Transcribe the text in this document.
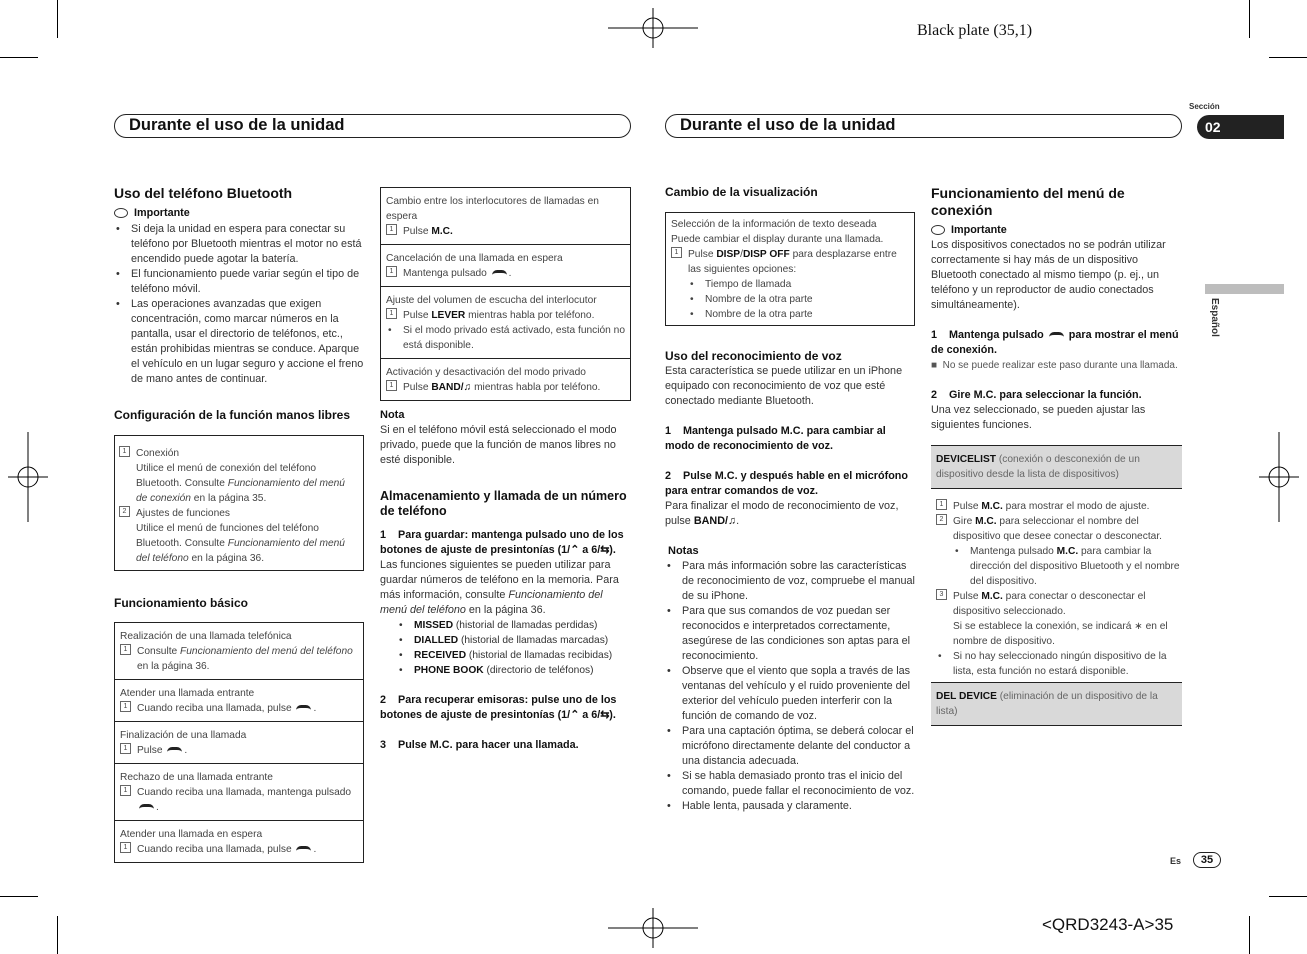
Black plate (35,1)
<QRD3243-A>35
Durante el uso de la unidad	Durante el uso de la unidad
Sección
02
Español
Es	35
Uso del teléfono Bluetooth
Importante
• Si deja la unidad en espera para conectar su teléfono por Bluetooth mientras el motor no está encendido puede agotar la batería.
• El funcionamiento puede variar según el tipo de teléfono móvil.
• Las operaciones avanzadas que exigen concentración, como marcar números en la pantalla, usar el directorio de teléfonos, etc., están prohibidas mientras se conduce. Aparque el vehículo en un lugar seguro y accione el freno de mano antes de continuar.
Configuración de la función manos libres
1 Conexión
Utilice el menú de conexión del teléfono Bluetooth. Consulte Funcionamiento del menú de conexión en la página 35.
2 Ajustes de funciones
Utilice el menú de funciones del teléfono Bluetooth. Consulte Funcionamiento del menú del teléfono en la página 36.
Funcionamiento básico
Realización de una llamada telefónica
1 Consulte Funcionamiento del menú del teléfono en la página 36.
Atender una llamada entrante
1 Cuando reciba una llamada, pulse .
Finalización de una llamada
1 Pulse .
Rechazo de una llamada entrante
1 Cuando reciba una llamada, mantenga pulsado .
Atender una llamada en espera
1 Cuando reciba una llamada, pulse .
Cambio entre los interlocutores de llamadas en espera
1 Pulse M.C.
Cancelación de una llamada en espera
1 Mantenga pulsado .
Ajuste del volumen de escucha del interlocutor
1 Pulse LEVER mientras habla por teléfono.
• Si el modo privado está activado, esta función no está disponible.
Activación y desactivación del modo privado
1 Pulse BAND/♫ mientras habla por teléfono.
Nota
Si en el teléfono móvil está seleccionado el modo privado, puede que la función de manos libres no esté disponible.
Almacenamiento y llamada de un número de teléfono
1 Para guardar: mantenga pulsado uno de los botones de ajuste de presintonías (1/⌃ a 6/⇆).
Las funciones siguientes se pueden utilizar para guardar números de teléfono en la memoria. Para más información, consulte Funcionamiento del menú del teléfono en la página 36.
• MISSED (historial de llamadas perdidas)
• DIALLED (historial de llamadas marcadas)
• RECEIVED (historial de llamadas recibidas)
• PHONE BOOK (directorio de teléfonos)
2 Para recuperar emisoras: pulse uno de los botones de ajuste de presintonías (1/⌃ a 6/⇆).
3 Pulse M.C. para hacer una llamada.
Cambio de la visualización
Selección de la información de texto deseada
Puede cambiar el display durante una llamada.
1 Pulse DISP/DISP OFF para desplazarse entre las siguientes opciones:
• Tiempo de llamada
• Nombre de la otra parte
• Nombre de la otra parte
Uso del reconocimiento de voz
Esta característica se puede utilizar en un iPhone equipado con reconocimiento de voz que esté conectado mediante Bluetooth.
1 Mantenga pulsado M.C. para cambiar al modo de reconocimiento de voz.
2 Pulse M.C. y después hable en el micrófono para entrar comandos de voz.
Para finalizar el modo de reconocimiento de voz, pulse BAND/♫.
Notas
• Para más información sobre las características de reconocimiento de voz, compruebe el manual de su iPhone.
• Para que sus comandos de voz puedan ser reconocidos e interpretados correctamente, asegúrese de las condiciones son aptas para el reconocimiento.
• Observe que el viento que sopla a través de las ventanas del vehículo y el ruido proveniente del exterior del vehículo pueden interferir con la función de comando de voz.
• Para una captación óptima, se deberá colocar el micrófono directamente delante del conductor a una distancia adecuada.
• Si se habla demasiado pronto tras el inicio del comando, puede fallar el reconocimiento de voz.
• Hable lenta, pausada y claramente.
Funcionamiento del menú de conexión
Importante
Los dispositivos conectados no se podrán utilizar correctamente si hay más de un dispositivo Bluetooth conectado al mismo tiempo (p. ej., un teléfono y un reproductor de audio conectados simultáneamente).
1 Mantenga pulsado para mostrar el menú de conexión.
■ No se puede realizar este paso durante una llamada.
2 Gire M.C. para seleccionar la función.
Una vez seleccionado, se pueden ajustar las siguientes funciones.
DEVICELIST (conexión o desconexión de un dispositivo desde la lista de dispositivos)
1 Pulse M.C. para mostrar el modo de ajuste.
2 Gire M.C. para seleccionar el nombre del dispositivo que desee conectar o desconectar.
• Mantenga pulsado M.C. para cambiar la dirección del dispositivo Bluetooth y el nombre del dispositivo.
3 Pulse M.C. para conectar o desconectar el dispositivo seleccionado.
Si se establece la conexión, se indicará ∗ en el nombre de dispositivo.
• Si no hay seleccionado ningún dispositivo de la lista, esta función no estará disponible.
DEL DEVICE (eliminación de un dispositivo de la lista)
